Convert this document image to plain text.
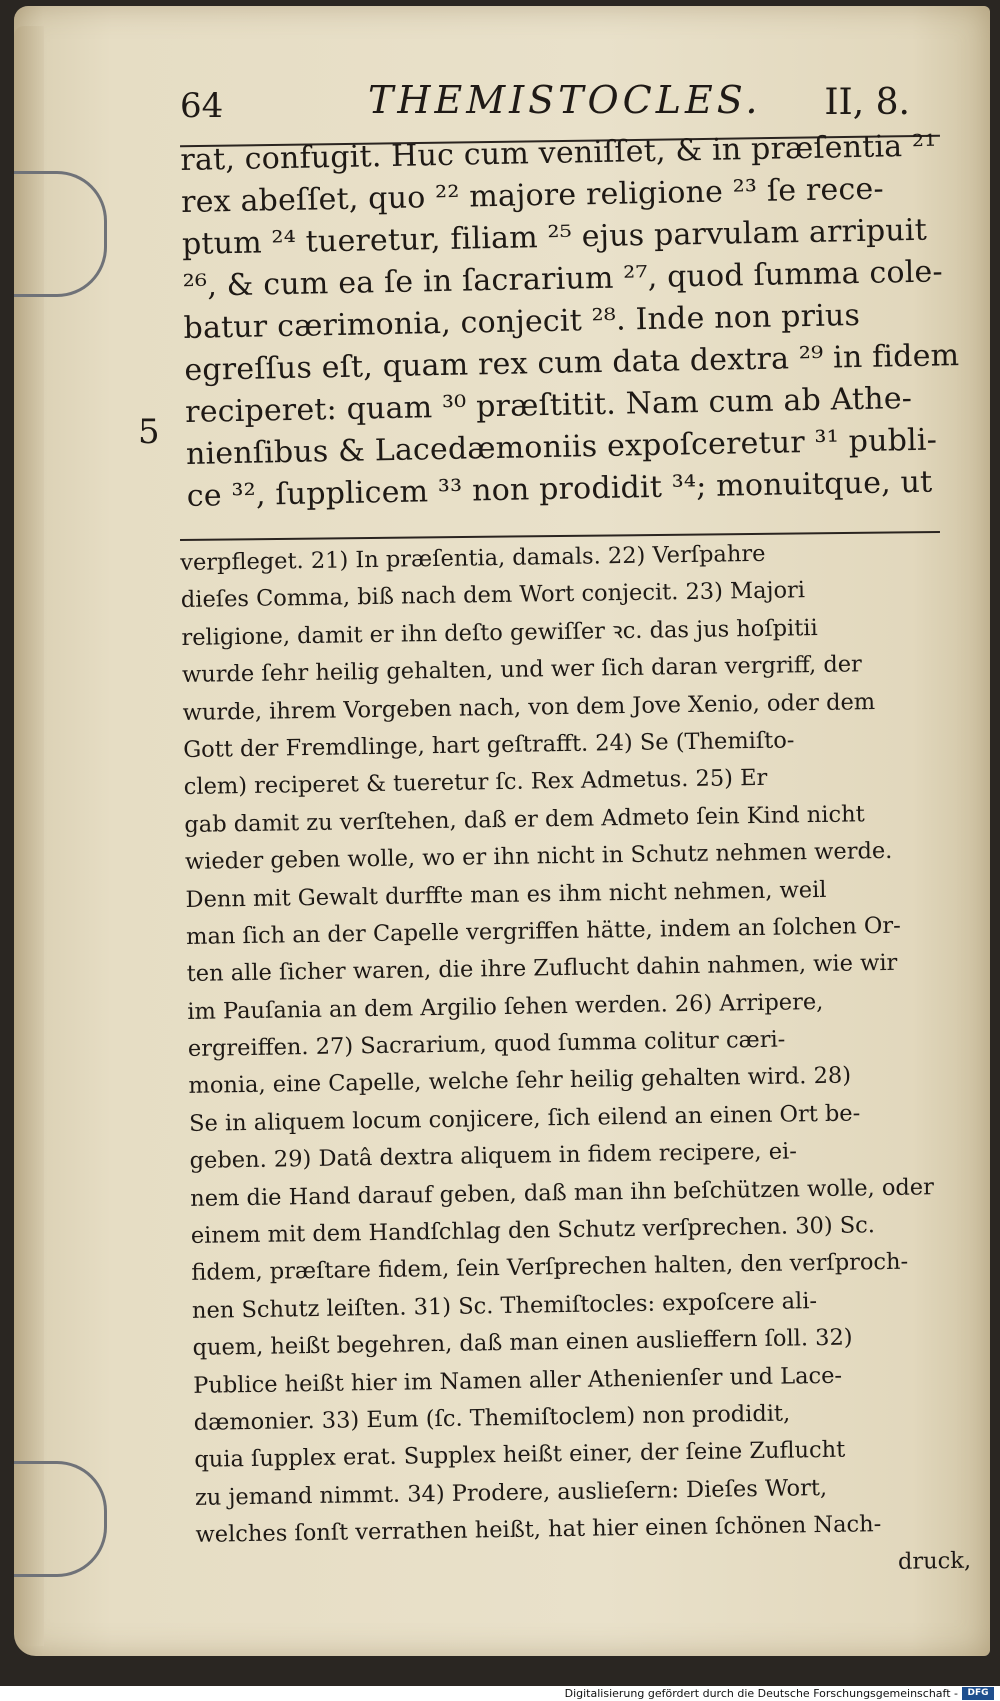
64	THEMISTOCLES. II, 8.
rat, confugit. Huc cum veniſſet, & in præſentia ²¹
rex abeſſet, quo ²² majore religione ²³ ſe rece-
ptum ²⁴ tueretur, filiam ²⁵ ejus parvulam arripuit
²⁶, & cum ea ſe in ſacrarium ²⁷, quod ſumma cole-
batur cærimonia, conjecit ²⁸. Inde non prius
egreſſus eſt, quam rex cum data dextra ²⁹ in fidem
reciperet: quam ³⁰ præſtitit. Nam cum ab Athe-
nienſibus & Lacedæmoniis expoſceretur ³¹ publi-
ce ³², ſupplicem ³³ non prodidit ³⁴; monuitque, ut
5
verpfleget. 21) In præſentia, damals. 22) Verſpahre
dieſes Comma, biß nach dem Wort conjecit. 23) Majori
religione, damit er ihn deſto gewiſſer ꝛc. das jus hoſpitii
wurde ſehr heilig gehalten, und wer ſich daran vergriff, der
wurde, ihrem Vorgeben nach, von dem Jove Xenio, oder dem
Gott der Fremdlinge, hart geſtrafft. 24) Se (Themiſto-
clem) reciperet & tueretur ſc. Rex Admetus. 25) Er
gab damit zu verſtehen, daß er dem Admeto ſein Kind nicht
wieder geben wolle, wo er ihn nicht in Schutz nehmen werde.
Denn mit Gewalt durffte man es ihm nicht nehmen, weil
man ſich an der Capelle vergriffen hätte, indem an ſolchen Or-
ten alle ſicher waren, die ihre Zuflucht dahin nahmen, wie wir
im Pauſania an dem Argilio ſehen werden. 26) Arripere,
ergreiffen. 27) Sacrarium, quod ſumma colitur cæri-
monia, eine Capelle, welche ſehr heilig gehalten wird. 28)
Se in aliquem locum conjicere, ſich eilend an einen Ort be-
geben. 29) Datâ dextra aliquem in fidem recipere, ei-
nem die Hand darauf geben, daß man ihn beſchützen wolle, oder
einem mit dem Handſchlag den Schutz verſprechen. 30) Sc.
fidem, præſtare fidem, ſein Verſprechen halten, den verſproch-
nen Schutz leiſten. 31) Sc. Themiſtocles: expoſcere ali-
quem, heißt begehren, daß man einen auslieffern ſoll. 32)
Publice heißt hier im Namen aller Athenienſer und Lace-
dæmonier. 33) Eum (ſc. Themiſtoclem) non prodidit,
quia ſupplex erat. Supplex heißt einer, der ſeine Zuflucht
zu jemand nimmt. 34) Prodere, auslieſern: Dieſes Wort,
welches ſonſt verrathen heißt, hat hier einen ſchönen Nach-
druck,
Digitalisierung gefördert durch die Deutsche Forschungsgemeinschaft -	DFG
